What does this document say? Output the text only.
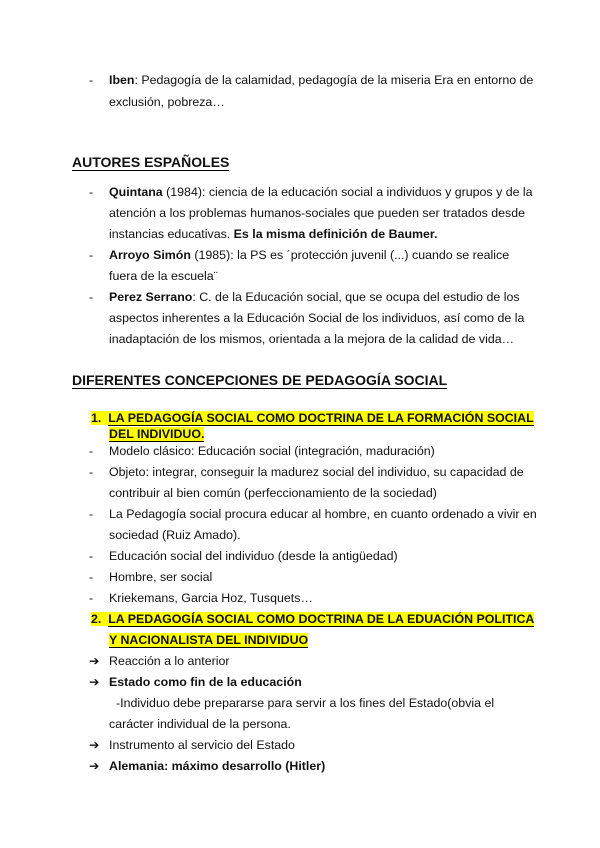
- Iben: Pedagogía de la calamidad, pedagogía de la miseria Era en entorno de
exclusión, pobreza…
AUTORES ESPAÑOLES
- Quintana (1984): ciencia de la educación social a individuos y grupos y de la
atención a los problemas humanos-sociales que pueden ser tratados desde
instancias educativas. Es la misma definición de Baumer.
- Arroyo Simón (1985): la PS es ´protección juvenil (...) cuando se realice
fuera de la escuela¨
- Perez Serrano: C. de la Educación social, que se ocupa del estudio de los
aspectos inherentes a la Educación Social de los individuos, así como de la
inadaptación de los mismos, orientada a la mejora de la calidad de vida…
DIFERENTES CONCEPCIONES DE PEDAGOGÍA SOCIAL
1. LA PEDAGOGÍA SOCIAL COMO DOCTRINA DE LA FORMACIÓN SOCIAL
DEL INDIVIDUO.
- Modelo clásico: Educación social (integración, maduración)
- Objeto: integrar, conseguir la madurez social del individuo, su capacidad de
contribuir al bien común (perfeccionamiento de la sociedad)
- La Pedagogía social procura educar al hombre, en cuanto ordenado a vivir en
sociedad (Ruiz Amado).
- Educación social del individuo (desde la antigüedad)
- Hombre, ser social
- Kriekemans, Garcia Hoz, Tusquets…
2. LA PEDAGOGÍA SOCIAL COMO DOCTRINA DE LA EDUACIÓN POLITICA
Y NACIONALISTA DEL INDIVIDUO
➔ Reacción a lo anterior
➔ Estado como fin de la educación
-Individuo debe prepararse para servir a los fines del Estado(obvia el
carácter individual de la persona.
➔ Instrumento al servicio del Estado
➔ Alemania: máximo desarrollo (Hitler)
